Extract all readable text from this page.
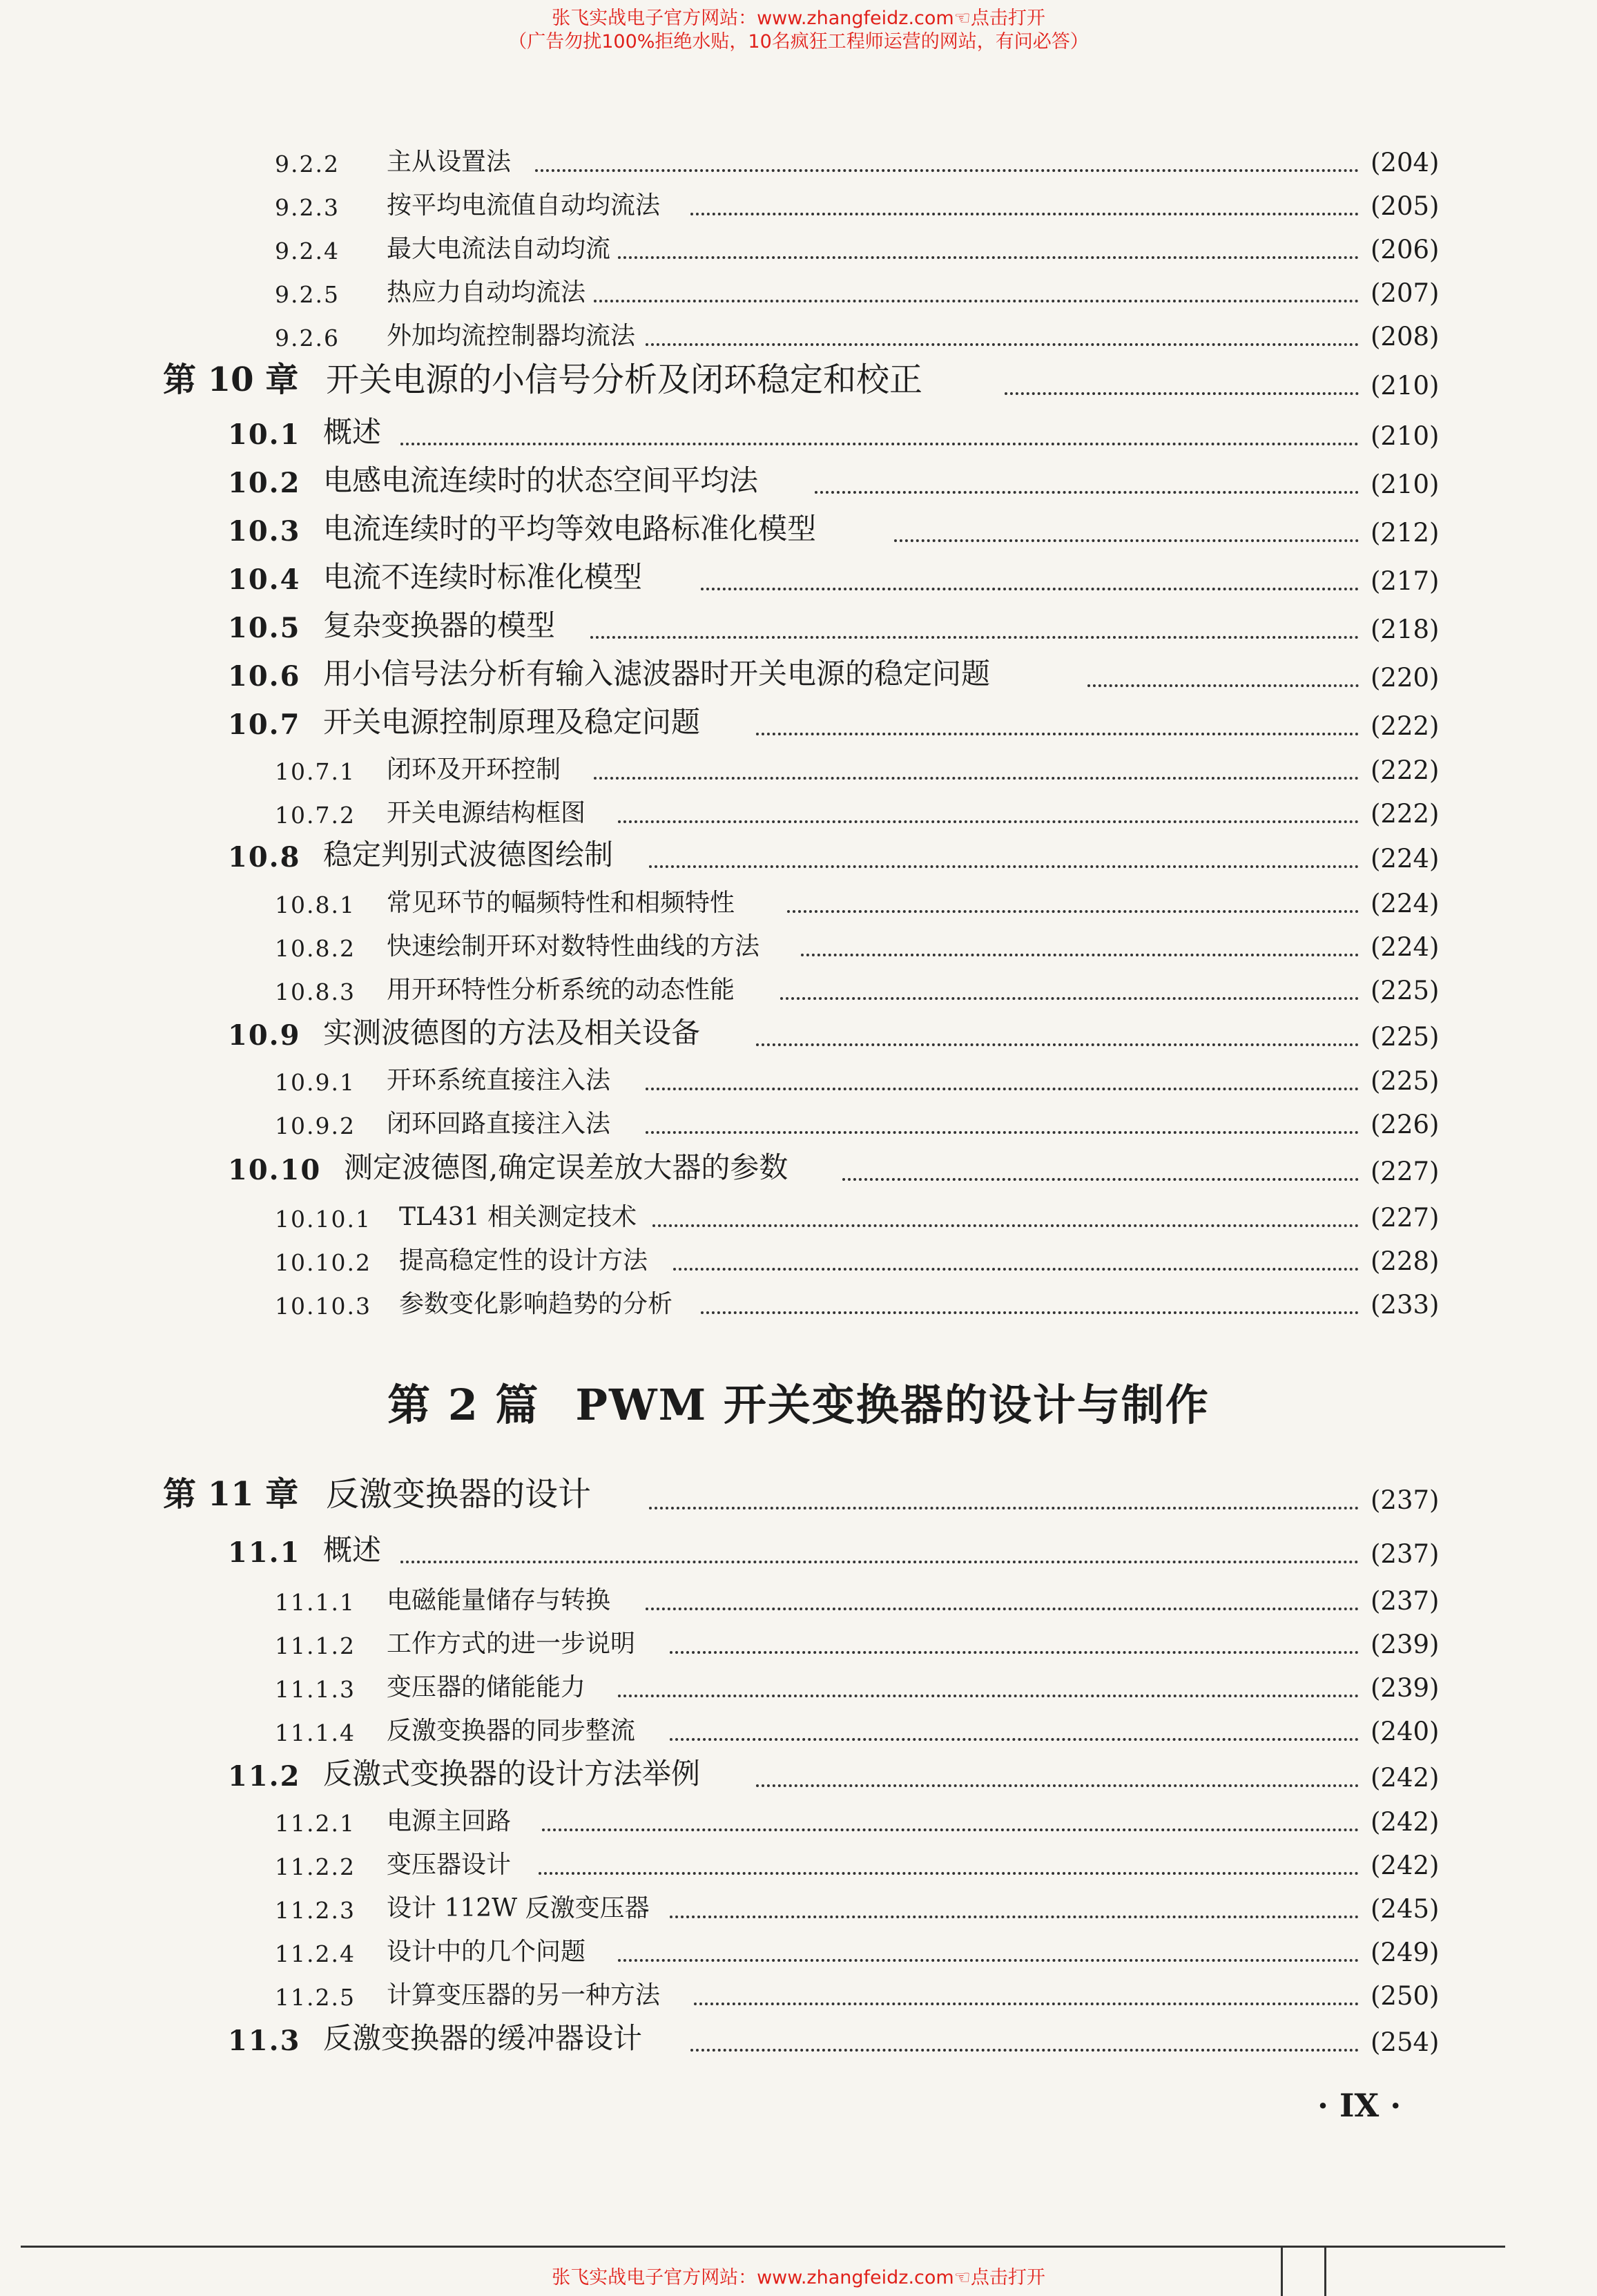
张飞实战电子官方网站：www.zhangfeidz.com☜点击打开
（广告勿扰100%拒绝水贴，10名疯狂工程师运营的网站，有问必答）
9.2.2 主从设置法	(204)
9.2.3 按平均电流值自动均流法	(205)
9.2.4 最大电流法自动均流	(206)
9.2.5 热应力自动均流法	(207)
9.2.6 外加均流控制器均流法	(208)
第 10 章 开关电源的小信号分析及闭环稳定和校正	(210)
10.1 概述	(210)
10.2 电感电流连续时的状态空间平均法	(210)
10.3 电流连续时的平均等效电路标准化模型	(212)
10.4 电流不连续时标准化模型	(217)
10.5 复杂变换器的模型	(218)
10.6 用小信号法分析有输入滤波器时开关电源的稳定问题	(220)
10.7 开关电源控制原理及稳定问题	(222)
10.7.1 闭环及开环控制	(222)
10.7.2 开关电源结构框图	(222)
10.8 稳定判别式波德图绘制	(224)
10.8.1 常见环节的幅频特性和相频特性	(224)
10.8.2 快速绘制开环对数特性曲线的方法	(224)
10.8.3 用开环特性分析系统的动态性能	(225)
10.9 实测波德图的方法及相关设备	(225)
10.9.1 开环系统直接注入法	(225)
10.9.2 闭环回路直接注入法	(226)
10.10 测定波德图,确定误差放大器的参数	(227)
10.10.1 TL431 相关测定技术	(227)
10.10.2 提高稳定性的设计方法	(228)
10.10.3 参数变化影响趋势的分析	(233)
第 2 篇 PWM 开关变换器的设计与制作
第 11 章 反激变换器的设计	(237)
11.1 概述	(237)
11.1.1 电磁能量储存与转换	(237)
11.1.2 工作方式的进一步说明	(239)
11.1.3 变压器的储能能力	(239)
11.1.4 反激变换器的同步整流	(240)
11.2 反激式变换器的设计方法举例	(242)
11.2.1 电源主回路	(242)
11.2.2 变压器设计	(242)
11.2.3 设计 112W 反激变压器	(245)
11.2.4 设计中的几个问题	(249)
11.2.5 计算变压器的另一种方法	(250)
11.3 反激变换器的缓冲器设计	(254)
· IX ·
张飞实战电子官方网站：www.zhangfeidz.com☜点击打开
